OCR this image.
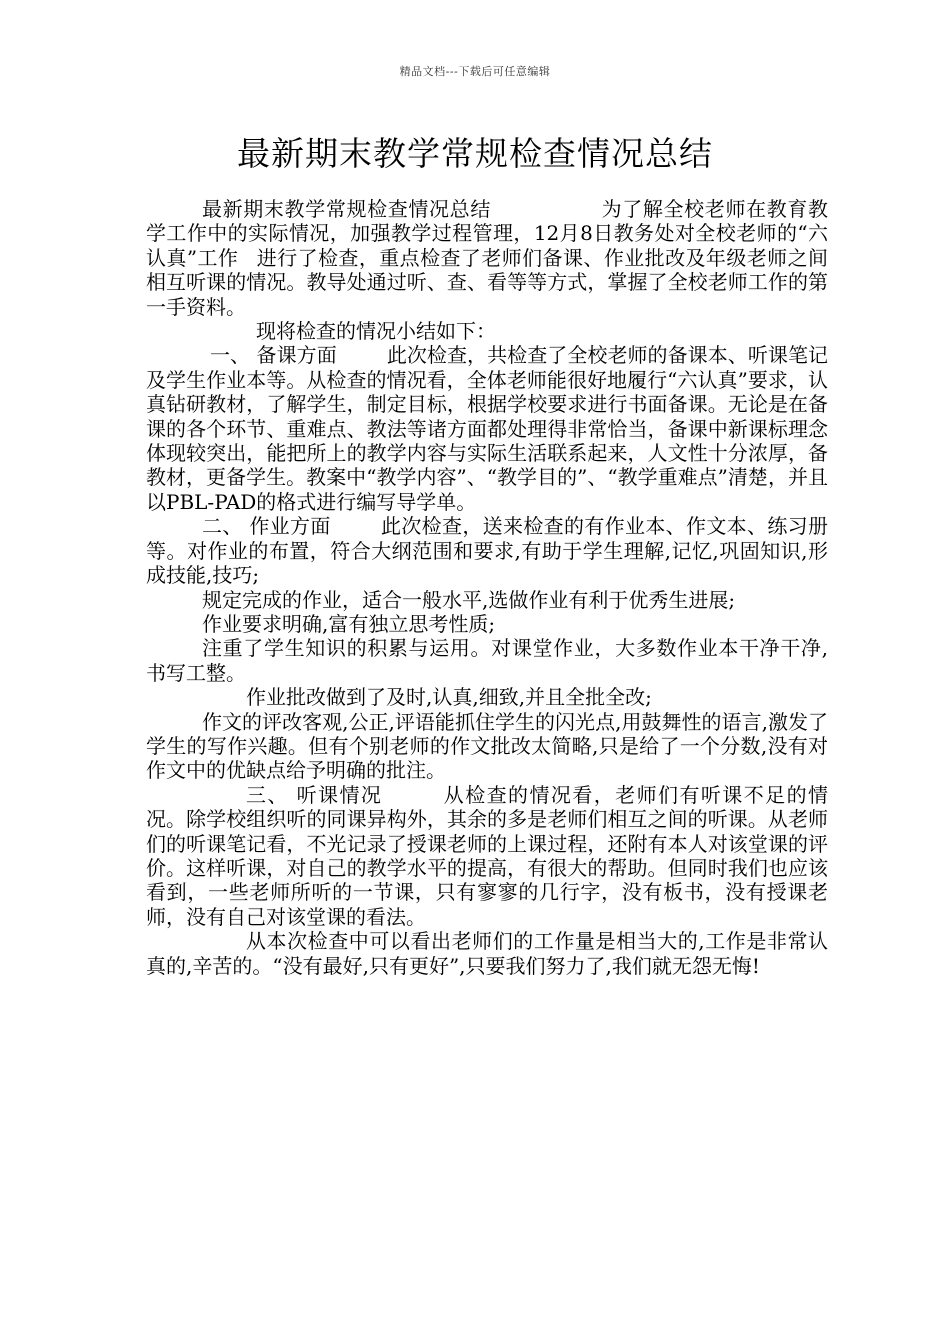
精品文档---下载后可任意编辑
最新期末教学常规检查情况总结

最新期末教学常规检查情况总结	为了解全校老师在教育教学工作中的实际情况，加强教学过程管理，12月8日教务处对全校老师的“六认真”工作 进行了检查，重点检查了老师们备课、作业批改及年级老师之间相互听课的情况。教导处通过听、查、看等等方式，掌握了全校老师工作的第一手资料。

现将检查的情况小结如下：

一、 备课方面	此次检查，共检查了全校老师的备课本、听课笔记及学生作业本等。从检查的情况看，全体老师能很好地履行“六认真”要求，认真钻研教材，了解学生，制定目标，根据学校要求进行书面备课。无论是在备课的各个环节、重难点、教法等诸方面都处理得非常恰当，备课中新课标理念体现较突出，能把所上的教学内容与实际生活联系起来，人文性十分浓厚，备教材，更备学生。教案中“教学内容”、“教学目的”、“教学重难点”清楚，并且以PBL-PAD的格式进行编写导学单。

二、 作业方面	此次检查，送来检查的有作业本、作文本、练习册等。对作业的布置，符合大纲范围和要求,有助于学生理解,记忆,巩固知识,形成技能,技巧;

规定完成的作业，适合一般水平,选做作业有利于优秀生进展;

作业要求明确,富有独立思考性质;

注重了学生知识的积累与运用。对课堂作业，大多数作业本干净干净,书写工整。

作业批改做到了及时,认真,细致,并且全批全改;

作文的评改客观,公正,评语能抓住学生的闪光点,用鼓舞性的语言,激发了学生的写作兴趣。但有个别老师的作文批改太简略,只是给了一个分数,没有对作文中的优缺点给予明确的批注。

三、 听课情况	从检查的情况看，老师们有听课不足的情况。除学校组织听的同课异构外，其余的多是老师们相互之间的听课。从老师们的听课笔记看，不光记录了授课老师的上课过程，还附有本人对该堂课的评价。这样听课，对自己的教学水平的提高，有很大的帮助。但同时我们也应该看到，一些老师所听的一节课，只有寥寥的几行字，没有板书，没有授课老师，没有自己对该堂课的看法。

从本次检查中可以看出老师们的工作量是相当大的,工作是非常认真的,辛苦的。“没有最好,只有更好”,只要我们努力了,我们就无怨无悔!
